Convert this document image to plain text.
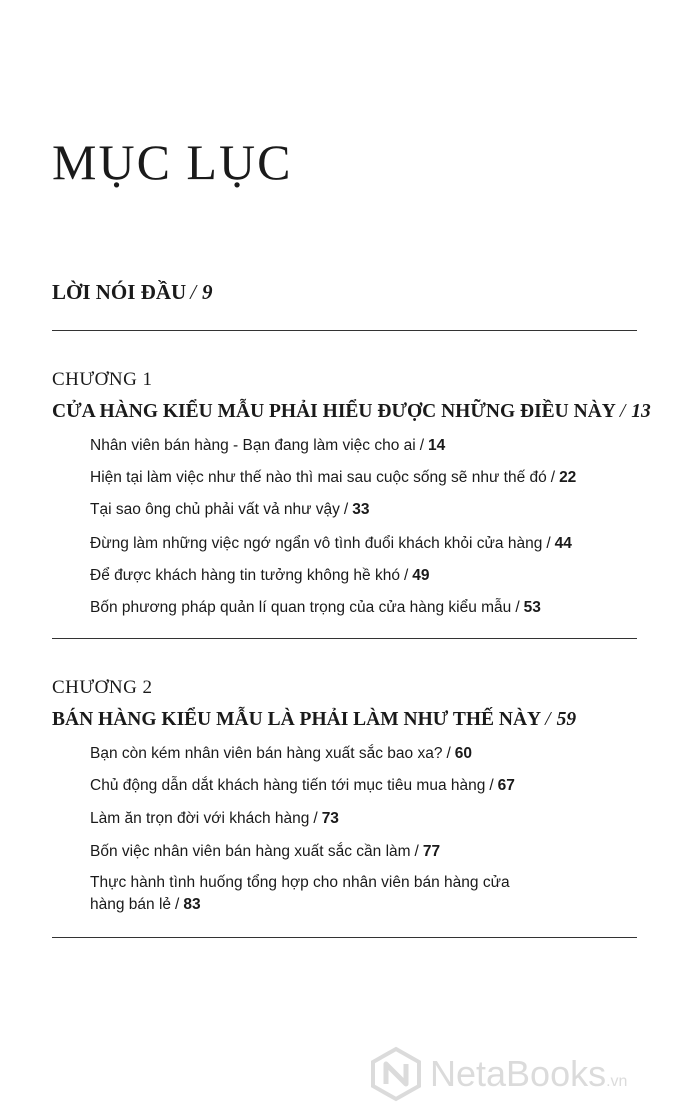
MỤC LỤC
LỜI NÓI ĐẦU / 9
CHƯƠNG 1
CỬA HÀNG KIỂU MẪU PHẢI HIỂU ĐƯỢC NHỮNG ĐIỀU NÀY / 13
Nhân viên bán hàng - Bạn đang làm việc cho ai / 14
Hiện tại làm việc như thế nào thì mai sau cuộc sống sẽ như thế đó / 22
Tại sao ông chủ phải vất vả như vậy / 33
Đừng làm những việc ngớ ngẩn vô tình đuổi khách khỏi cửa hàng / 44
Để được khách hàng tin tưởng không hề khó / 49
Bốn phương pháp quản lí quan trọng của cửa hàng kiểu mẫu / 53
CHƯƠNG 2
BÁN HÀNG KIỂU MẪU LÀ PHẢI LÀM NHƯ THẾ NÀY / 59
Bạn còn kém nhân viên bán hàng xuất sắc bao xa? / 60
Chủ động dẫn dắt khách hàng tiến tới mục tiêu mua hàng / 67
Làm ăn trọn đời với khách hàng / 73
Bốn việc nhân viên bán hàng xuất sắc cần làm / 77
Thực hành tình huống tổng hợp cho nhân viên bán hàng cửa hàng bán lẻ / 83
NetaBooks.vn
